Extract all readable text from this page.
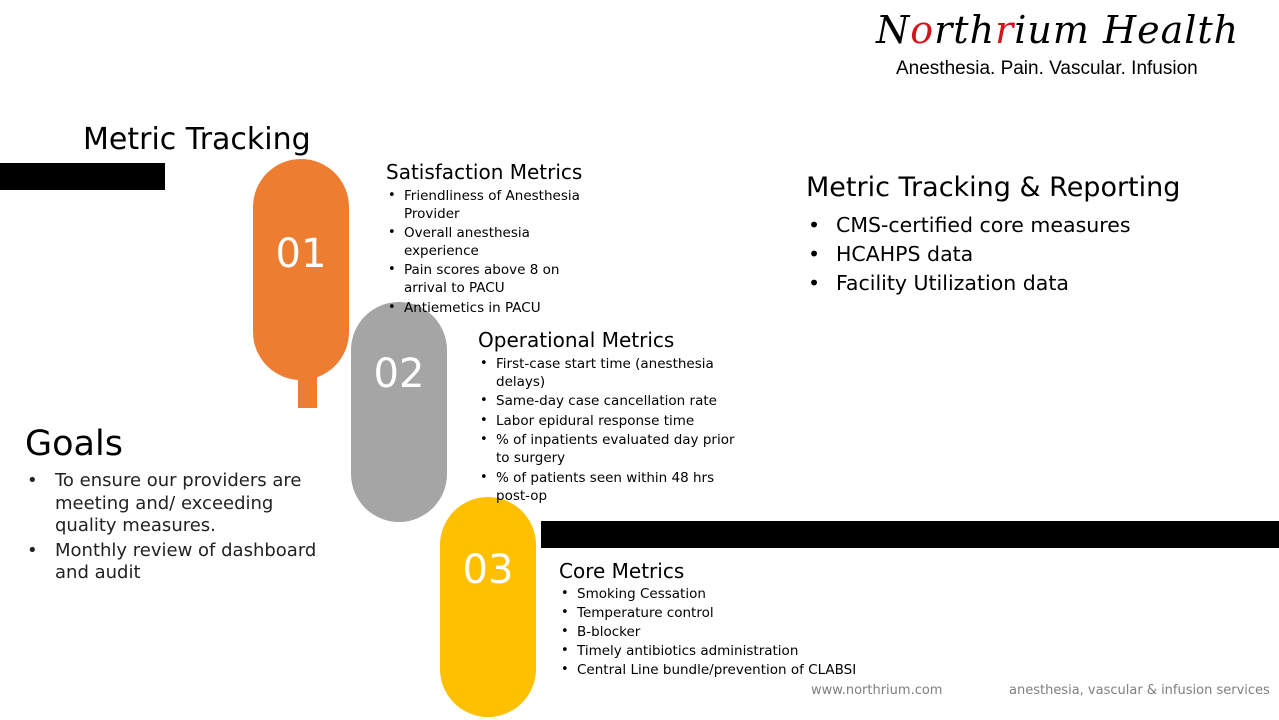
Northrium Health
Anesthesia. Pain. Vascular. Infusion
Metric Tracking
01
02
03
Satisfaction Metrics
• Friendliness of Anesthesia Provider
• Overall anesthesia experience
• Pain scores above 8 on arrival to PACU
• Antiemetics in PACU
Operational Metrics
• First-case start time (anesthesia delays)
• Same-day case cancellation rate
• Labor epidural response time
• % of inpatients evaluated day prior to surgery
• % of patients seen within 48 hrs post-op
Core Metrics
• Smoking Cessation
• Temperature control
• B-blocker
• Timely antibiotics administration
• Central Line bundle/prevention of CLABSI
Metric Tracking & Reporting
• CMS-certified core measures
• HCAHPS data
• Facility Utilization data
Goals
• To ensure our providers are meeting and/ exceeding quality measures.
• Monthly review of dashboard and audit
www.northrium.com	anesthesia, vascular & infusion services
